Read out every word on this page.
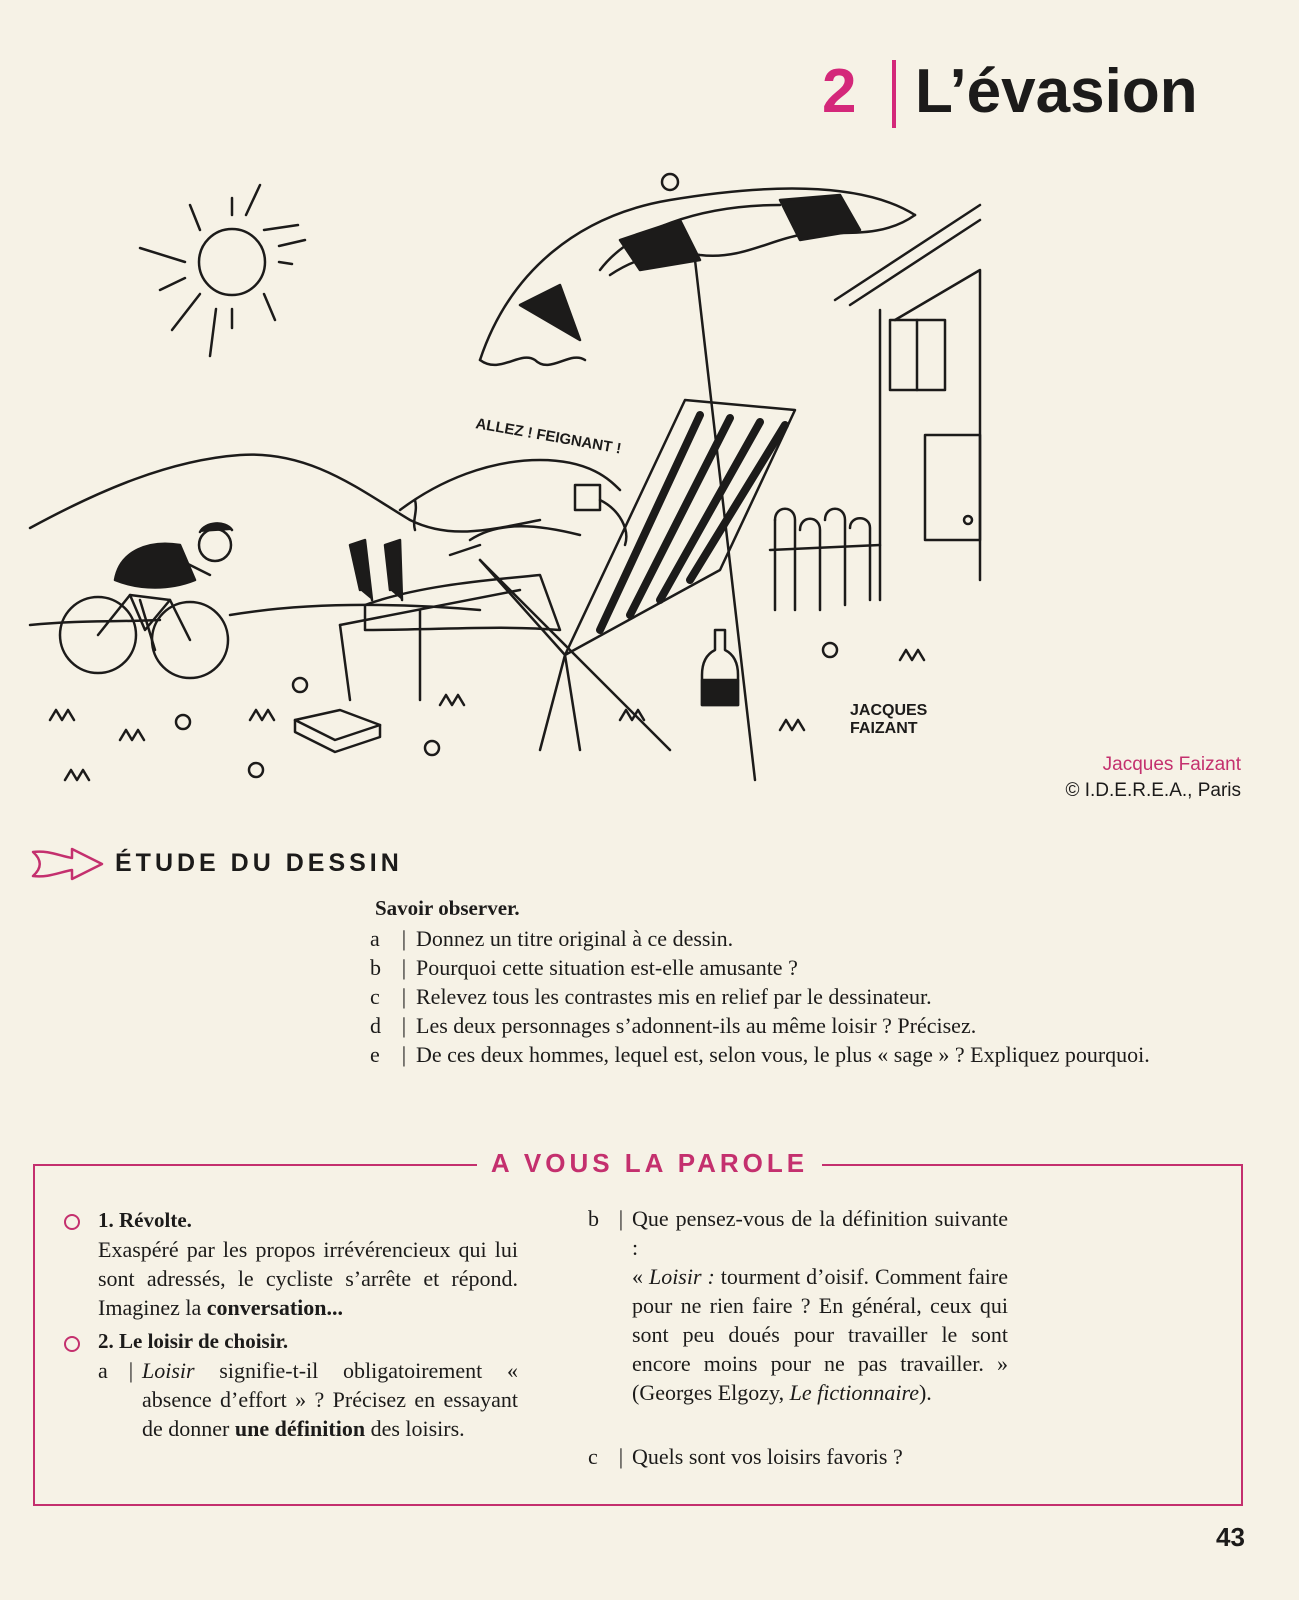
2 L’évasion
ALLEZ ! FEIGNANT !
JACQUES
FAIZANT
Jacques Faizant
© I.D.E.R.E.A., Paris
ÉTUDE DU DESSIN
Savoir observer.
a	| Donnez un titre original à ce dessin.
b | Pourquoi cette situation est-elle amusante ?
c	| Relevez tous les contrastes mis en relief par le dessinateur.
d | Les deux personnages s’adonnent-ils au même loisir ? Précisez.
e	| De ces deux hommes, lequel est, selon vous, le plus « sage » ? Expliquez pourquoi.
A VOUS LA PAROLE
1. Révolte.
Exaspéré par les propos irrévérencieux qui lui sont adressés, le cycliste s’arrête et répond. Imaginez la conversation...
2. Le loisir de choisir.
a | Loisir signifie-t-il obligatoirement « absence d’effort » ? Précisez en essayant de donner une définition des loisirs.
b | Que pensez-vous de la définition suivante :
« Loisir : tourment d’oisif. Comment faire pour ne rien faire ? En général, ceux qui sont peu doués pour travailler le sont encore moins pour ne pas travailler. » (Georges Elgozy, Le fictionnaire).
c | Quels sont vos loisirs favoris ?
43
